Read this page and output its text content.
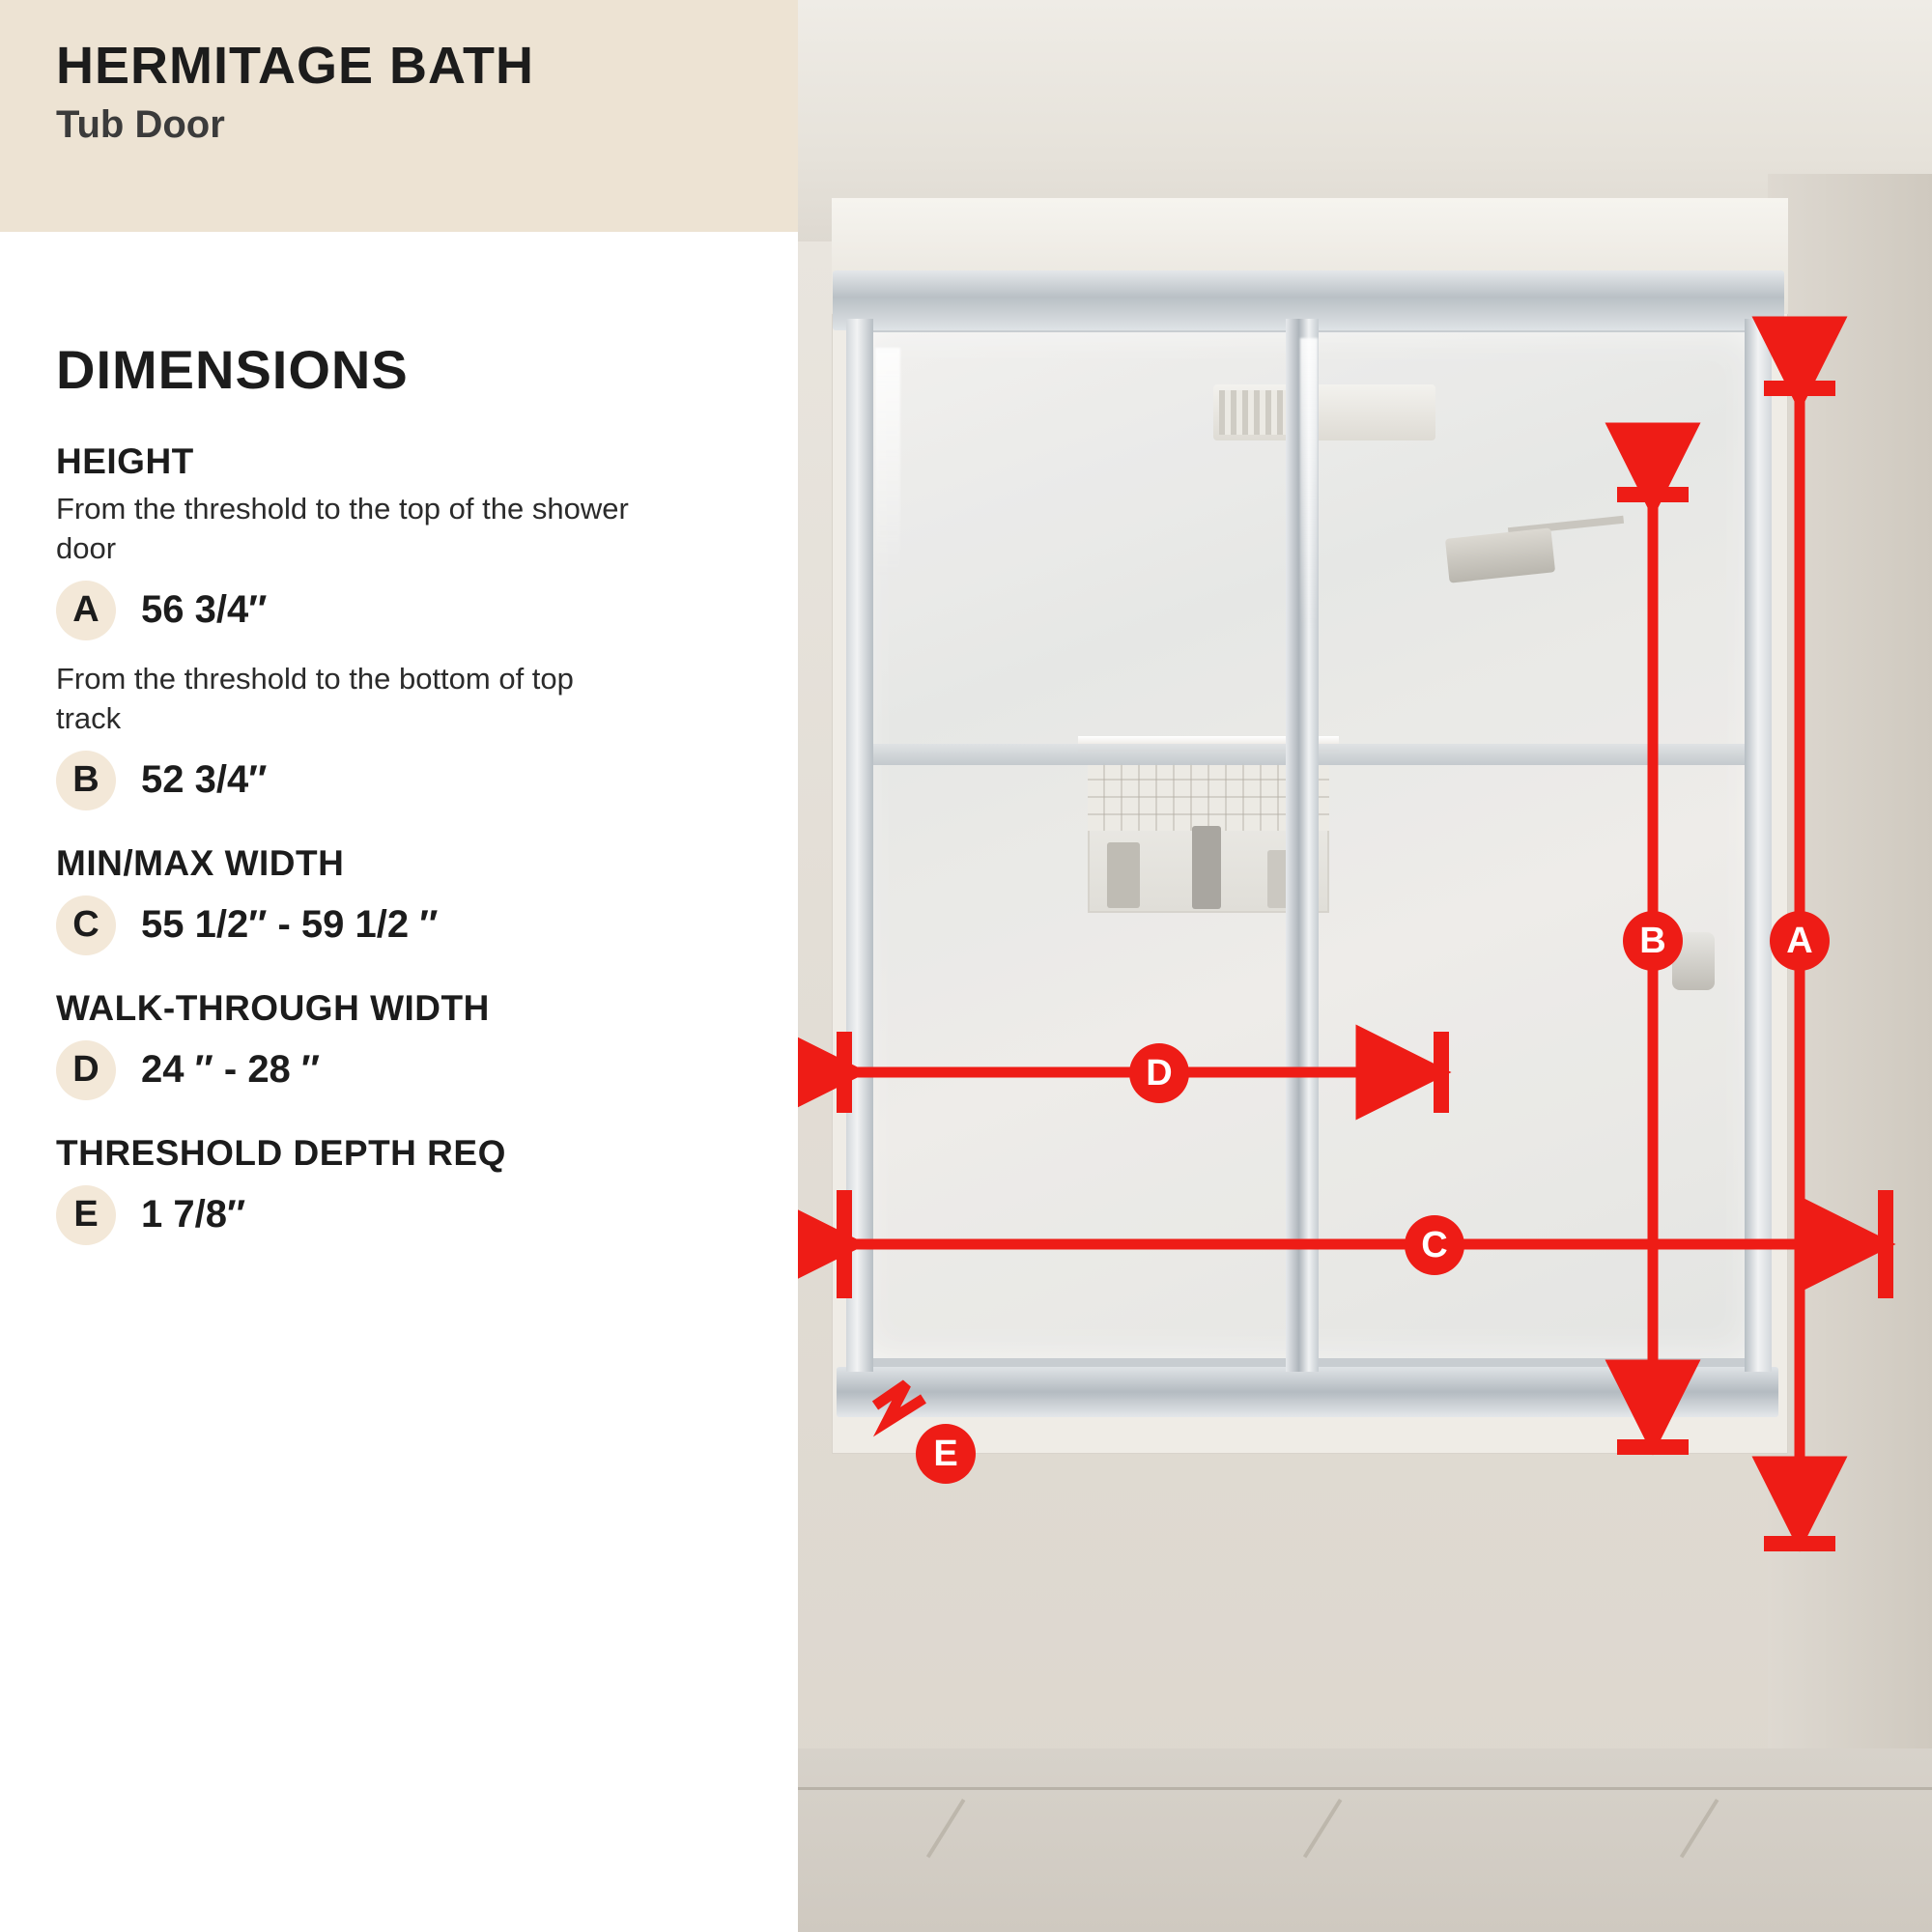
HERMITAGE BATH
Tub Door
DIMENSIONS
HEIGHT
From the threshold to the top of the shower door
A	56 3/4″
From the threshold to the bottom of top track
B	52 3/4″
MIN/MAX WIDTH
C	55 1/2″ - 59 1/2 ″
WALK-THROUGH WIDTH
D	24 ″ - 28 ″
THRESHOLD DEPTH REQ
E	1 7/8″
A
B
C
D
E
